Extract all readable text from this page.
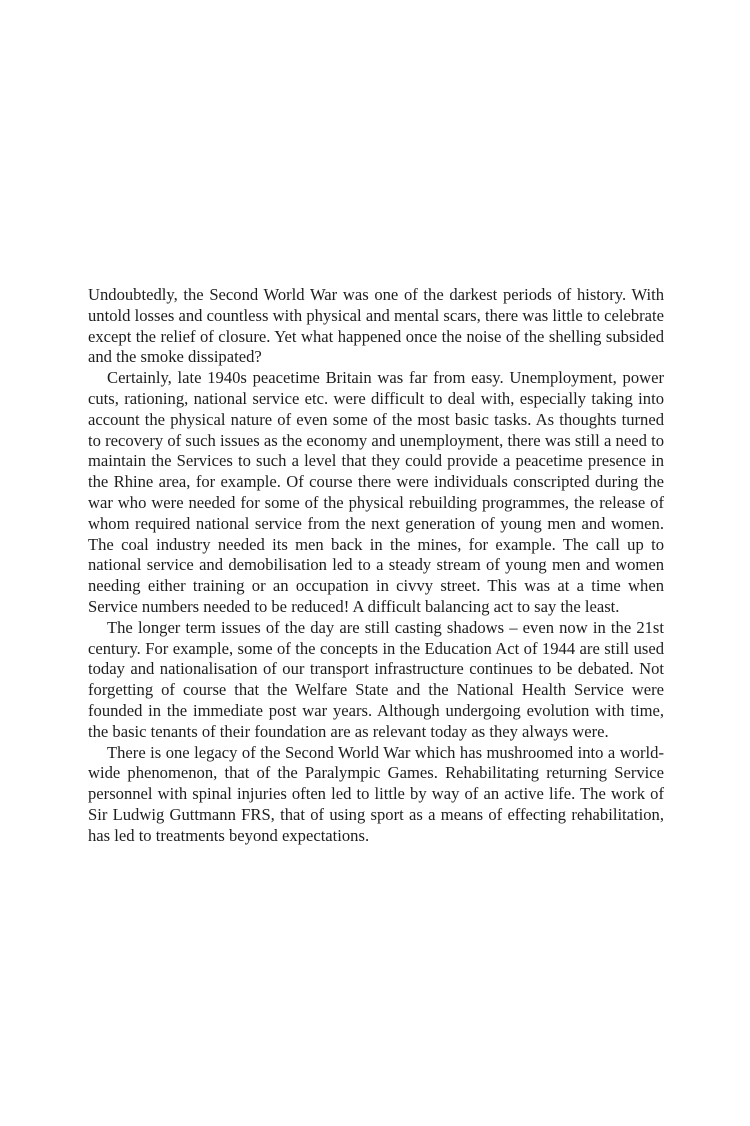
Undoubtedly, the Second World War was one of the darkest periods of history. With untold losses and countless with physical and mental scars, there was little to celebrate except the relief of closure. Yet what happened once the noise of the shelling subsided and the smoke dissipated?

Certainly, late 1940s peacetime Britain was far from easy. Unemployment, power cuts, rationing, national service etc. were difficult to deal with, especially taking into account the physical nature of even some of the most basic tasks. As thoughts turned to recovery of such issues as the economy and unemployment, there was still a need to maintain the Services to such a level that they could provide a peacetime presence in the Rhine area, for example. Of course there were individuals conscripted during the war who were needed for some of the physical rebuilding programmes, the release of whom required national service from the next generation of young men and women. The coal industry needed its men back in the mines, for example. The call up to national service and demobilisation led to a steady stream of young men and women needing either training or an occupation in civvy street. This was at a time when Service numbers needed to be reduced! A difficult balancing act to say the least.

The longer term issues of the day are still casting shadows – even now in the 21st century. For example, some of the concepts in the Education Act of 1944 are still used today and nationalisation of our transport infrastructure continues to be debated. Not forgetting of course that the Welfare State and the National Health Service were founded in the immediate post war years. Although undergoing evolution with time, the basic tenants of their foundation are as relevant today as they always were.

There is one legacy of the Second World War which has mushroomed into a world-wide phenomenon, that of the Paralympic Games. Rehabilitating returning Service personnel with spinal injuries often led to little by way of an active life. The work of Sir Ludwig Guttmann FRS, that of using sport as a means of effecting rehabilitation, has led to treatments beyond expectations.
